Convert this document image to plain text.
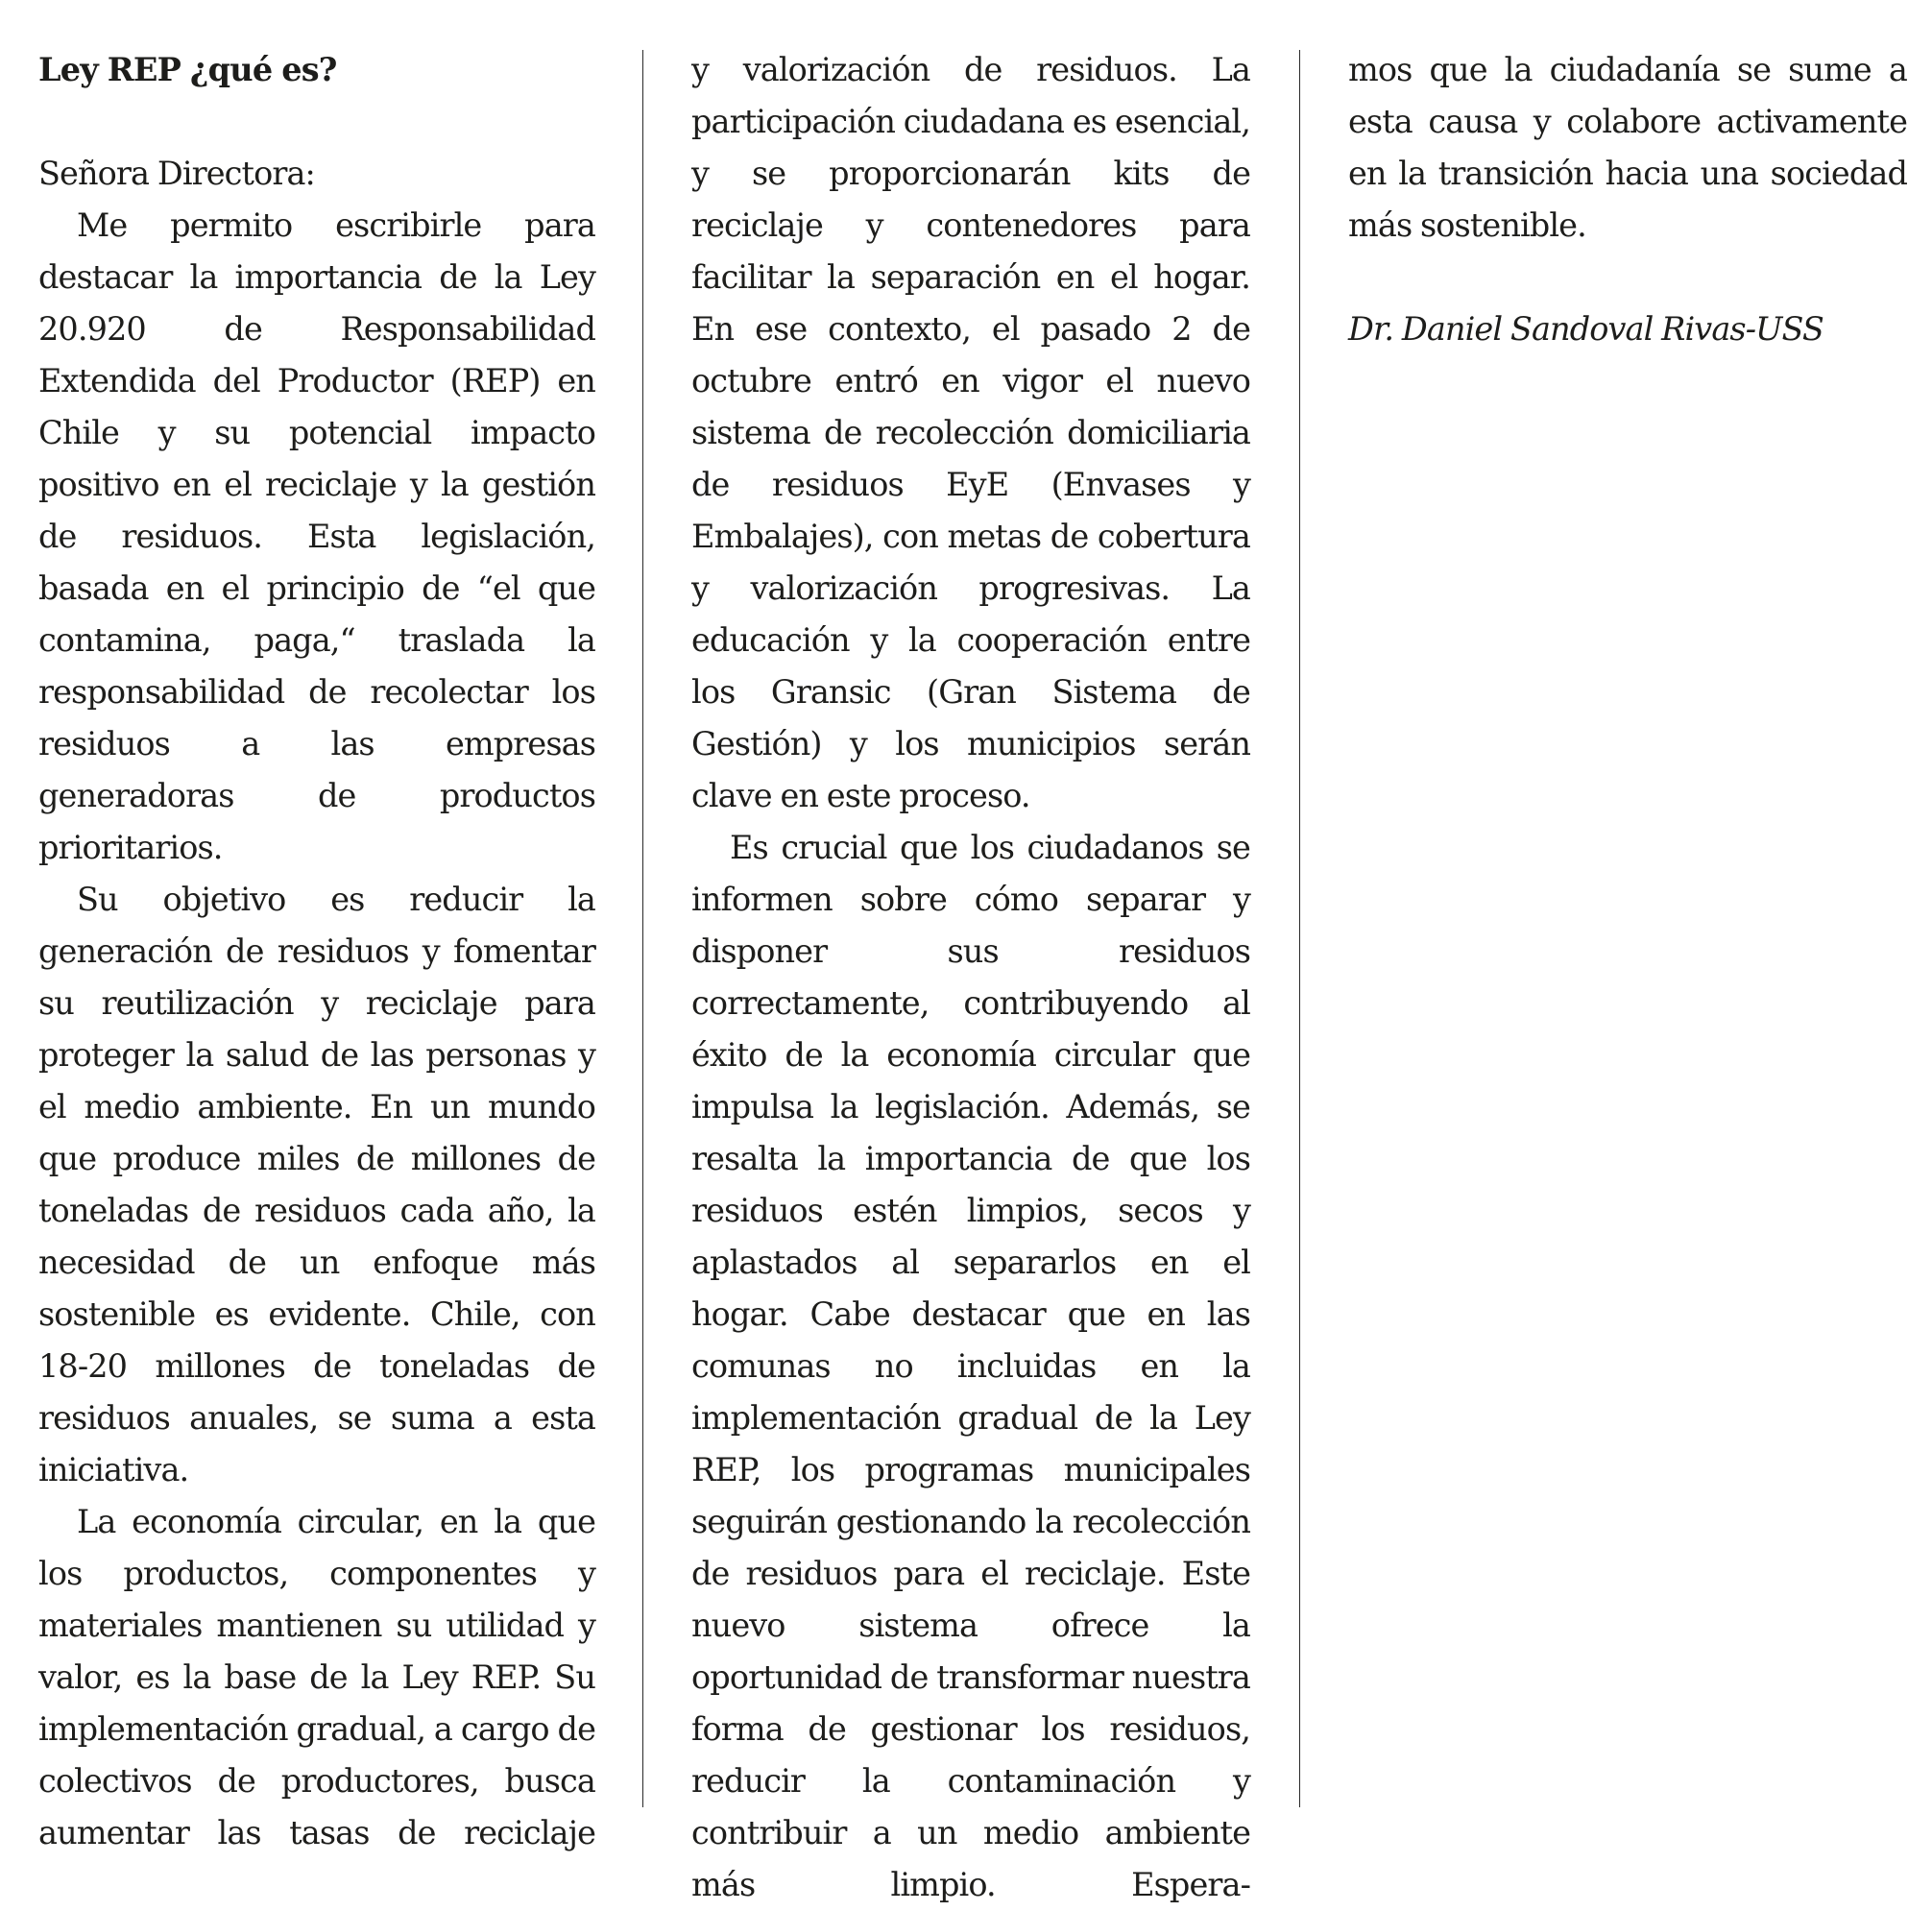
Ley REP ¿qué es?

Señora Directora:

Me permito escribirle para destacar la importancia de la Ley 20.920 de Responsabilidad Extendida del Productor (REP) en Chile y su potencial impacto positivo en el reciclaje y la gestión de residuos. Esta legislación, basada en el principio de “el que contamina, paga,“ traslada la responsabilidad de recolectar los residuos a las empresas generadoras de productos prioritarios.

Su objetivo es reducir la generación de residuos y fomentar su reutilización y reciclaje para proteger la salud de las personas y el medio ambiente. En un mundo que produce miles de millones de toneladas de residuos cada año, la necesidad de un enfoque más sostenible es evidente. Chile, con 18-20 millones de toneladas de residuos anuales, se suma a esta iniciativa.

La economía circular, en la que los productos, componentes y materiales mantienen su utilidad y valor, es la base de la Ley REP. Su implementación gradual, a cargo de colectivos de productores, busca aumentar las tasas de reciclaje

y valorización de residuos. La participación ciudadana es esencial, y se proporcionarán kits de reciclaje y contenedores para facilitar la separación en el hogar. En ese contexto, el pasado 2 de octubre entró en vigor el nuevo sistema de recolección domiciliaria de residuos EyE (Envases y Embalajes), con metas de cobertura y valorización progresivas. La educación y la cooperación entre los Gransic (Gran Sistema de Gestión) y los municipios serán clave en este proceso.

Es crucial que los ciudadanos se informen sobre cómo separar y disponer sus residuos correctamente, contribuyendo al éxito de la economía circular que impulsa la legislación. Además, se resalta la importancia de que los residuos estén limpios, secos y aplastados al separarlos en el hogar. Cabe destacar que en las comunas no incluidas en la implementación gradual de la Ley REP, los programas municipales seguirán gestionando la recolección de residuos para el reciclaje. Este nuevo sistema ofrece la oportunidad de transformar nuestra forma de gestionar los residuos, reducir la contaminación y contribuir a un medio ambiente más limpio. Espera-

mos que la ciudadanía se sume a esta causa y colabore activamente en la transición hacia una sociedad más sostenible.

Dr. Daniel Sandoval Rivas-USS
